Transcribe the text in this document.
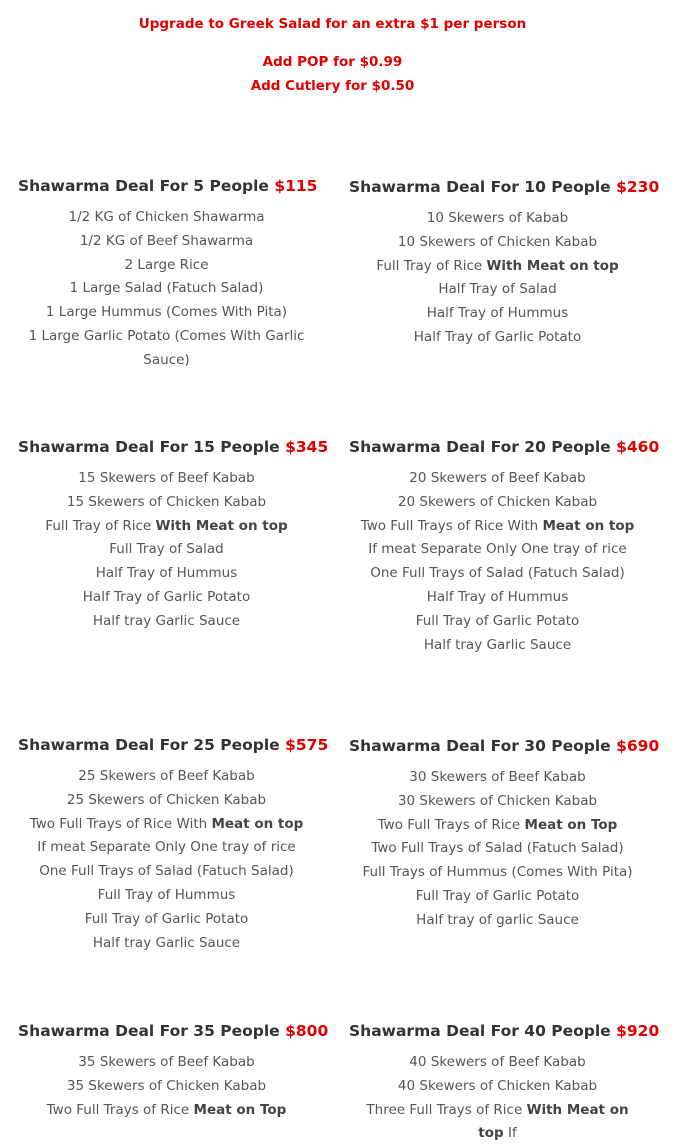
Upgrade to Greek Salad for an extra $1 per person
Add POP for $0.99
Add Cutlery for $0.50
Shawarma Deal For 5 People $115
1/2 KG of Chicken Shawarma
1/2 KG of Beef Shawarma
2 Large Rice
1 Large Salad (Fatuch Salad)
1 Large Hummus (Comes With Pita)
1 Large Garlic Potato (Comes With Garlic Sauce)
Shawarma Deal For 10 People $230
10 Skewers of Kabab
10 Skewers of Chicken Kabab
Full Tray of Rice With Meat on top
Half Tray of Salad
Half Tray of Hummus
Half Tray of Garlic Potato
Shawarma Deal For 15 People $345
15 Skewers of Beef Kabab
15 Skewers of Chicken Kabab
Full Tray of Rice With Meat on top
Full Tray of Salad
Half Tray of Hummus
Half Tray of Garlic Potato
Half tray Garlic Sauce
Shawarma Deal For 20 People $460
20 Skewers of Beef Kabab
20 Skewers of Chicken Kabab
Two Full Trays of Rice With Meat on top If meat Separate Only One tray of rice
One Full Trays of Salad (Fatuch Salad)
Half Tray of Hummus
Full Tray of Garlic Potato
Half tray Garlic Sauce
Shawarma Deal For 25 People $575
25 Skewers of Beef Kabab
25 Skewers of Chicken Kabab
Two Full Trays of Rice With Meat on top If meat Separate Only One tray of rice
One Full Trays of Salad (Fatuch Salad)
Full Tray of Hummus
Full Tray of Garlic Potato
Half tray Garlic Sauce
Shawarma Deal For 30 People $690
30 Skewers of Beef Kabab
30 Skewers of Chicken Kabab
Two Full Trays of Rice Meat on Top
Two Full Trays of Salad (Fatuch Salad)
Full Trays of Hummus (Comes With Pita)
Full Tray of Garlic Potato
Half tray of garlic Sauce
Shawarma Deal For 35 People $800
35 Skewers of Beef Kabab
35 Skewers of Chicken Kabab
Two Full Trays of Rice Meat on Top
Shawarma Deal For 40 People $920
40 Skewers of Beef Kabab
40 Skewers of Chicken Kabab
Three Full Trays of Rice With Meat on top If
